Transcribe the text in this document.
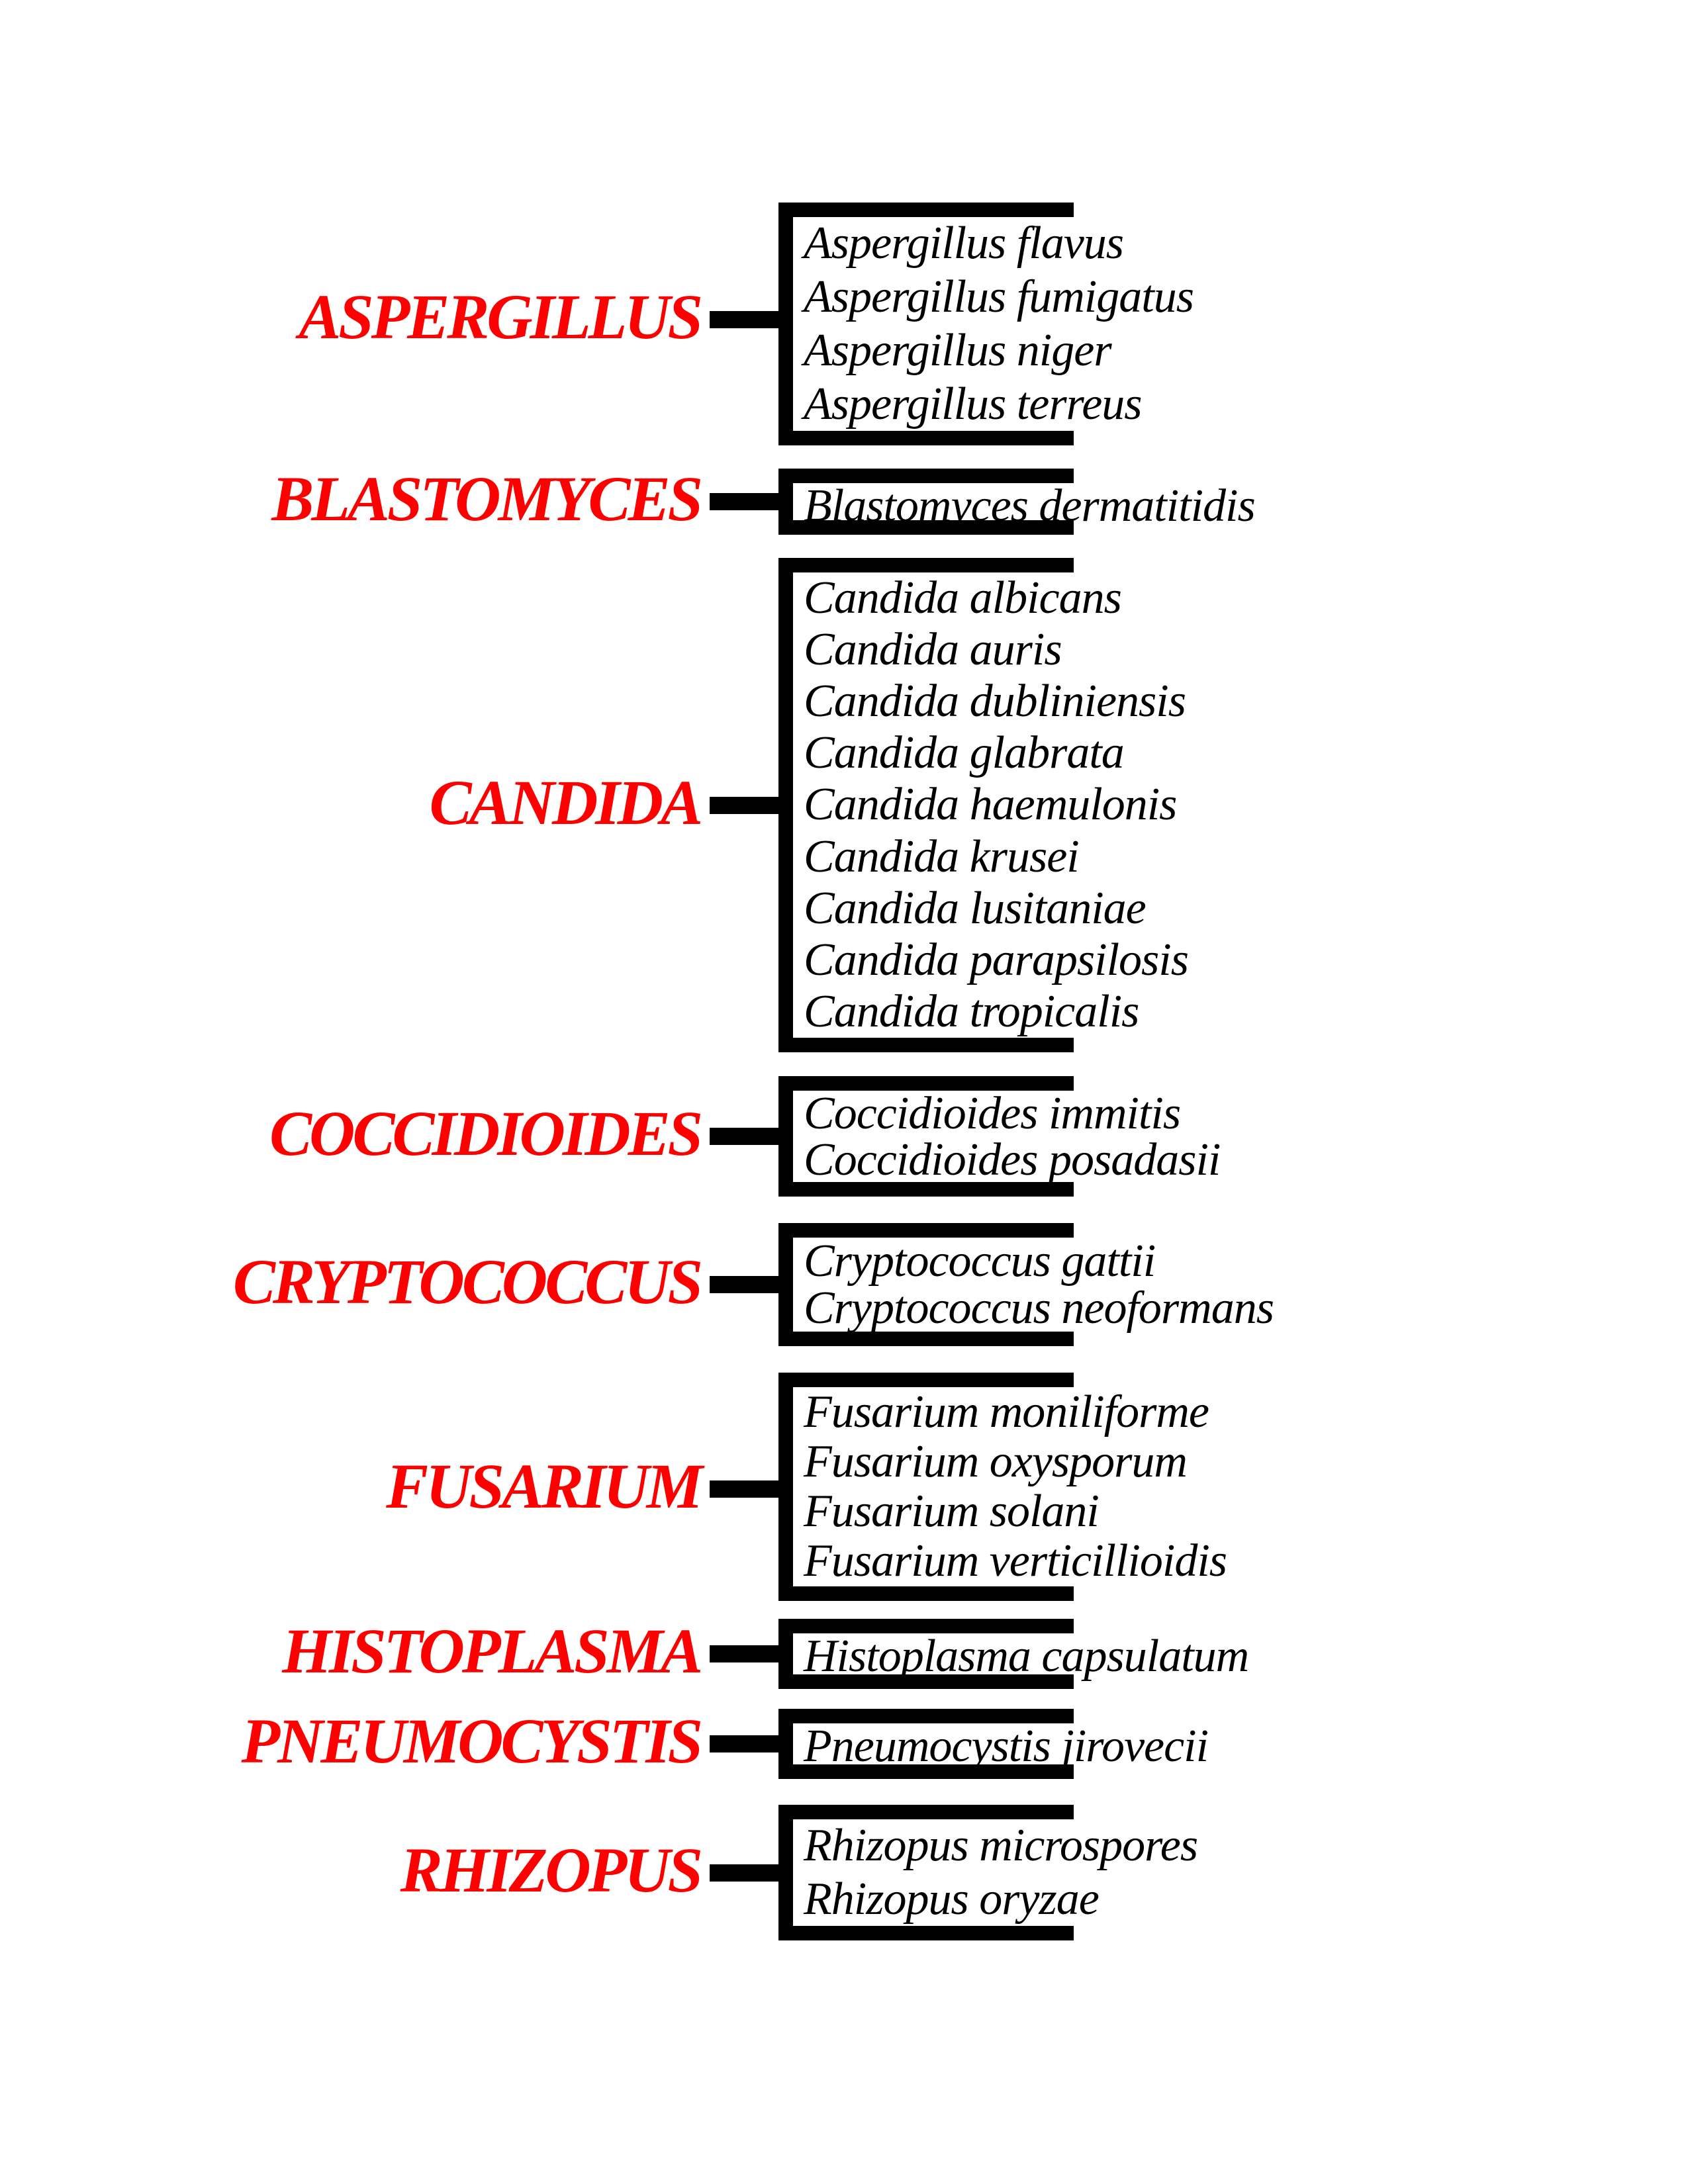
ASPERGILLUS
Aspergillus flavus
Aspergillus fumigatus
Aspergillus niger
Aspergillus terreus
BLASTOMYCES Blastomyces dermatitidis
CANDIDA
Candida albicans
Candida auris
Candida dubliniensis
Candida glabrata
Candida haemulonis
Candida krusei
Candida lusitaniae
Candida parapsilosis
Candida tropicalis
COCCIDIOIDES Coccidioides immitis
Coccidioides posadasii
CRYPTOCOCCUS Cryptococcus gattii
Cryptococcus neoformans
FUSARIUM
Fusarium moniliforme
Fusarium oxysporum
Fusarium solani
Fusarium verticillioidis
HISTOPLASMA Histoplasma capsulatum
PNEUMOCYSTIS Pneumocystis jirovecii
RHIZOPUS Rhizopus microspores
Rhizopus oryzae
